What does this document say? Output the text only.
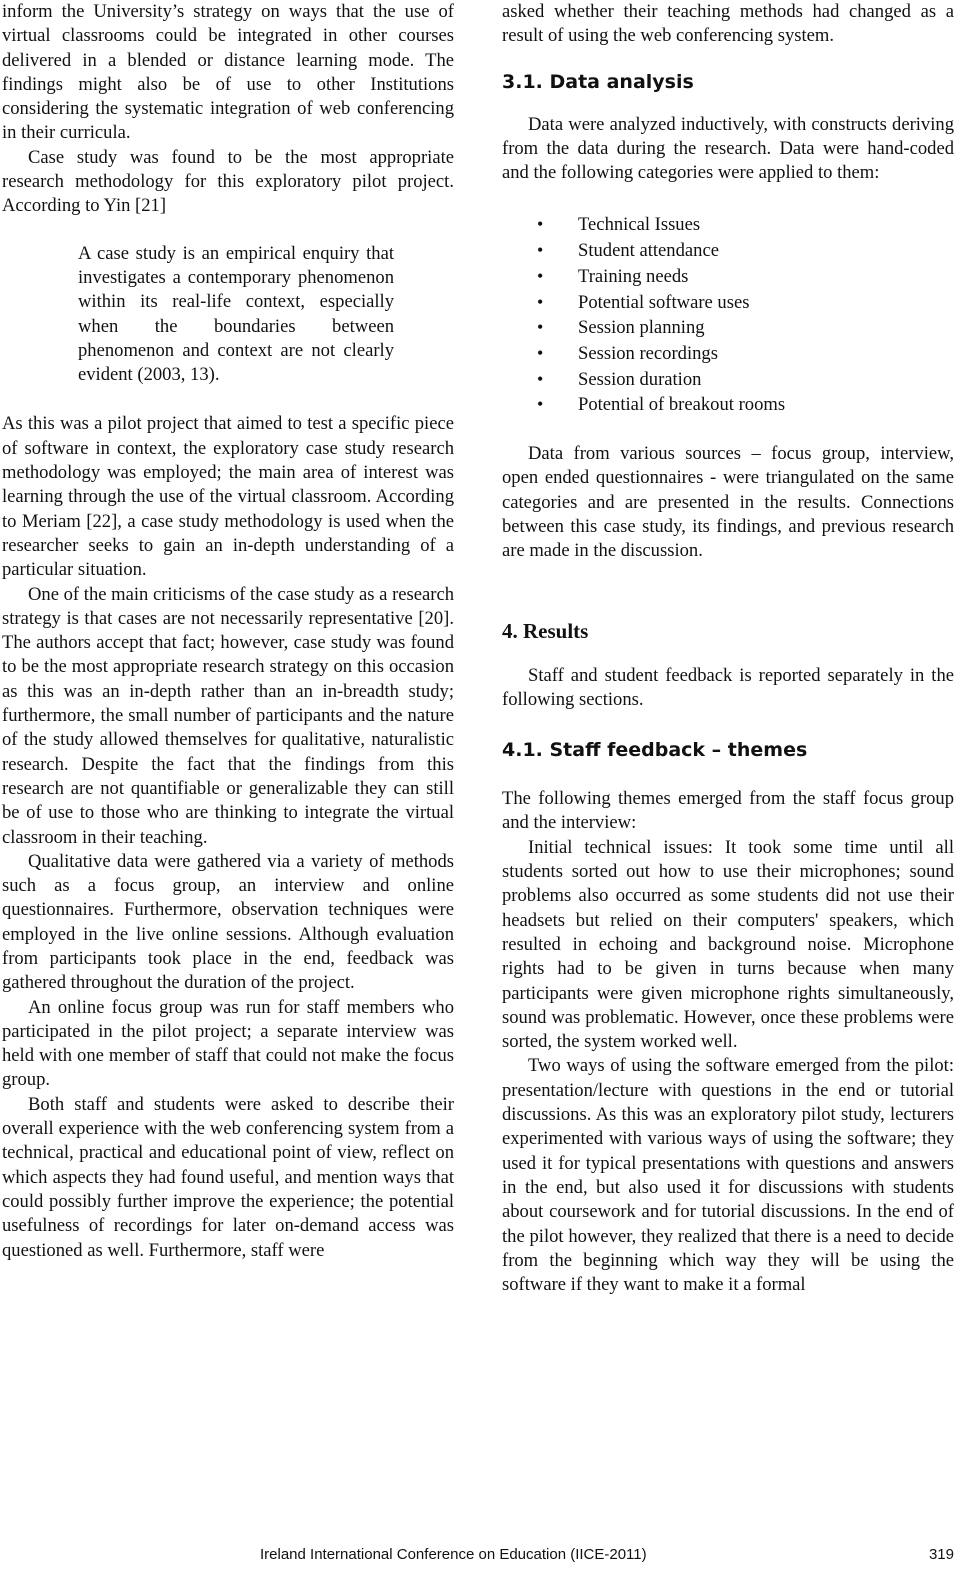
inform the University’s strategy on ways that the use of virtual classrooms could be integrated in other courses delivered in a blended or distance learning mode. The findings might also be of use to other Institutions considering the systematic integration of web conferencing in their curricula.

Case study was found to be the most appropriate research methodology for this exploratory pilot project. According to Yin [21]

A case study is an empirical enquiry that investigates a contemporary phenomenon within its real-life context, especially when the boundaries between phenomenon and context are not clearly evident (2003, 13).

As this was a pilot project that aimed to test a specific piece of software in context, the exploratory case study research methodology was employed; the main area of interest was learning through the use of the virtual classroom. According to Meriam [22], a case study methodology is used when the researcher seeks to gain an in-depth understanding of a particular situation.

One of the main criticisms of the case study as a research strategy is that cases are not necessarily representative [20]. The authors accept that fact; however, case study was found to be the most appropriate research strategy on this occasion as this was an in-depth rather than an in-breadth study; furthermore, the small number of participants and the nature of the study allowed themselves for qualitative, naturalistic research. Despite the fact that the findings from this research are not quantifiable or generalizable they can still be of use to those who are thinking to integrate the virtual classroom in their teaching.

Qualitative data were gathered via a variety of methods such as a focus group, an interview and online questionnaires. Furthermore, observation techniques were employed in the live online sessions. Although evaluation from participants took place in the end, feedback was gathered throughout the duration of the project.

An online focus group was run for staff members who participated in the pilot project; a separate interview was held with one member of staff that could not make the focus group.

Both staff and students were asked to describe their overall experience with the web conferencing system from a technical, practical and educational point of view, reflect on which aspects they had found useful, and mention ways that could possibly further improve the experience; the potential usefulness of recordings for later on-demand access was questioned as well. Furthermore, staff were

asked whether their teaching methods had changed as a result of using the web conferencing system.

3.1. Data analysis

Data were analyzed inductively, with constructs deriving from the data during the research. Data were hand-coded and the following categories were applied to them:

• Technical Issues
• Student attendance
• Training needs
• Potential software uses
• Session planning
• Session recordings
• Session duration
• Potential of breakout rooms

Data from various sources – focus group, interview, open ended questionnaires - were triangulated on the same categories and are presented in the results. Connections between this case study, its findings, and previous research are made in the discussion.

4. Results

Staff and student feedback is reported separately in the following sections.

4.1. Staff feedback – themes

The following themes emerged from the staff focus group and the interview:

Initial technical issues: It took some time until all students sorted out how to use their microphones; sound problems also occurred as some students did not use their headsets but relied on their computers' speakers, which resulted in echoing and background noise. Microphone rights had to be given in turns because when many participants were given microphone rights simultaneously, sound was problematic. However, once these problems were sorted, the system worked well.

Two ways of using the software emerged from the pilot: presentation/lecture with questions in the end or tutorial discussions. As this was an exploratory pilot study, lecturers experimented with various ways of using the software; they used it for typical presentations with questions and answers in the end, but also used it for discussions with students about coursework and for tutorial discussions. In the end of the pilot however, they realized that there is a need to decide from the beginning which way they will be using the software if they want to make it a formal

Ireland International Conference on Education (IICE-2011)	319
